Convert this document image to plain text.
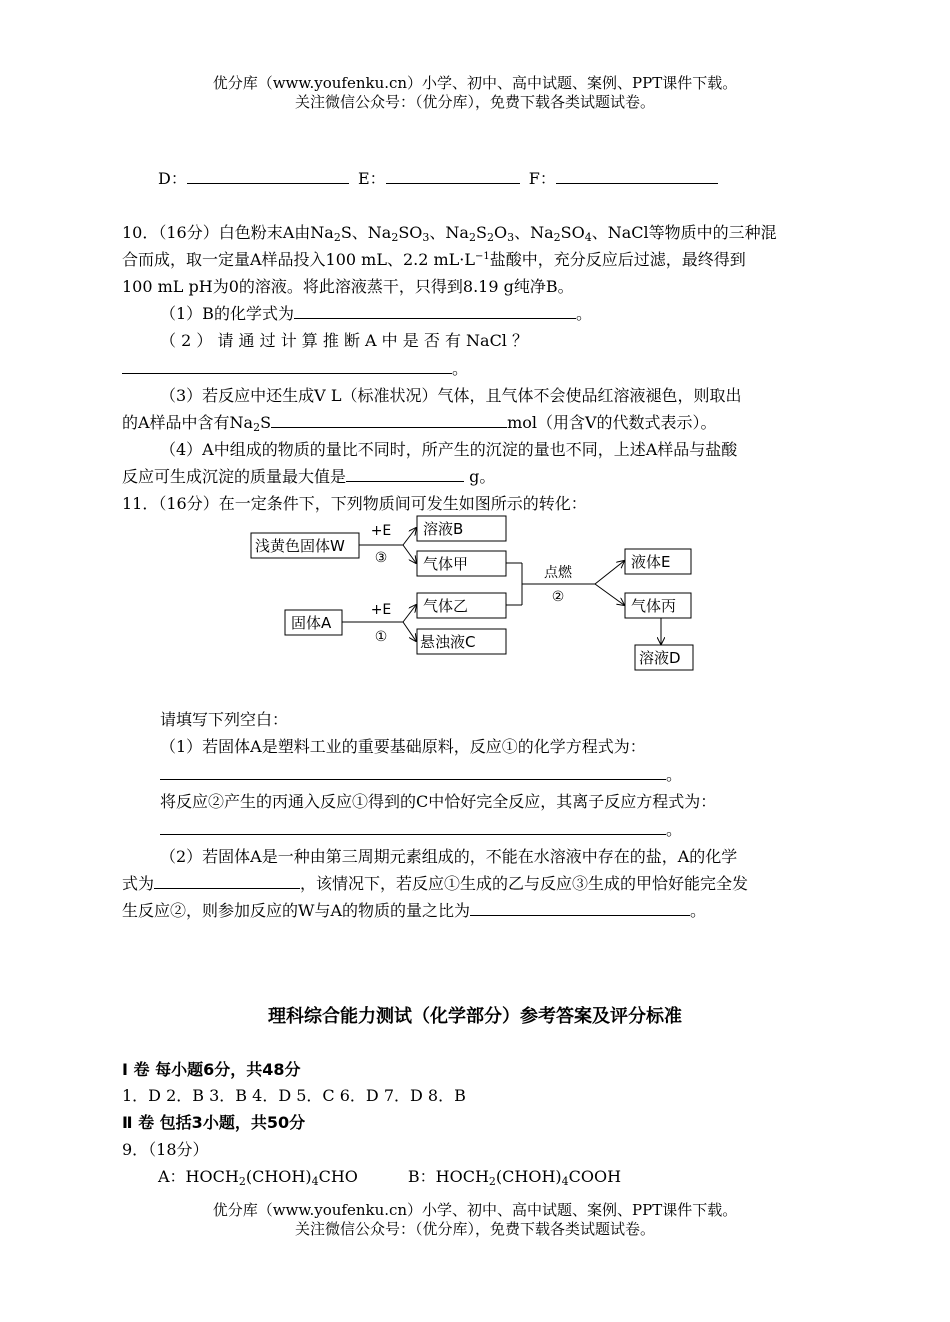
优分库（www.youfenku.cn）小学、初中、高中试题、案例、PPT课件下载。
关注微信公众号：（优分库），免费下载各类试题试卷。
D：	E：	F：
10．（16分）白色粉末A由$Na_2S$、$Na_2SO_3$、$Na_2S_2O_3$、$Na_2SO_4$、NaCl等物质中的三种混
合而成，取一定量A样品投入100 mL、2.2 $mL\cdot L^{-1}$盐酸中，充分反应后过滤，最终得到
100 mL pH为0的溶液。将此溶液蒸干，只得到8.19 g纯净B。
（1）B的化学式为	。
（ 2 ） 请 通 过 计 算 推 断 A 中 是 否 有 NaCl ？
。
（3）若反应中还生成V L（标准状况）气体，且气体不会使品红溶液褪色，则取出
的A样品中含有$Na_2S$	mol（用含V的代数式表示）。
（4）A中组成的物质的量比不同时，所产生的沉淀的量也不同，上述A样品与盐酸
反应可生成沉淀的质量最大值是	g。
11．（16分）在一定条件下，下列物质间可发生如图所示的转化：
浅黄色固体W
溶液B
气体甲
固体A
气体乙
悬浊液C
液体E
气体丙
溶液D
+E
③
+E
①
点燃
②
请填写下列空白：
（1）若固体A是塑料工业的重要基础原料，反应①的化学方程式为：
。
将反应②产生的丙通入反应①得到的C中恰好完全反应，其离子反应方程式为：
。
（2）若固体A是一种由第三周期元素组成的，不能在水溶液中存在的盐，A的化学
式为	，该情况下，若反应①生成的乙与反应③生成的甲恰好能完全发
生反应②，则参加反应的W与A的物质的量之比为	。
理科综合能力测试（化学部分）参考答案及评分标准
Ⅰ 卷 每小题6分，共48分
1．D 2．B 3．B 4．D 5．C 6．D 7．D 8．B
Ⅱ 卷 包括3小题，共50分
9．（18分）
A：$HOCH_2(CHOH)_4CHO$	B：$HOCH_2(CHOH)_4COOH$
优分库（www.youfenku.cn）小学、初中、高中试题、案例、PPT课件下载。
关注微信公众号：（优分库），免费下载各类试题试卷。
